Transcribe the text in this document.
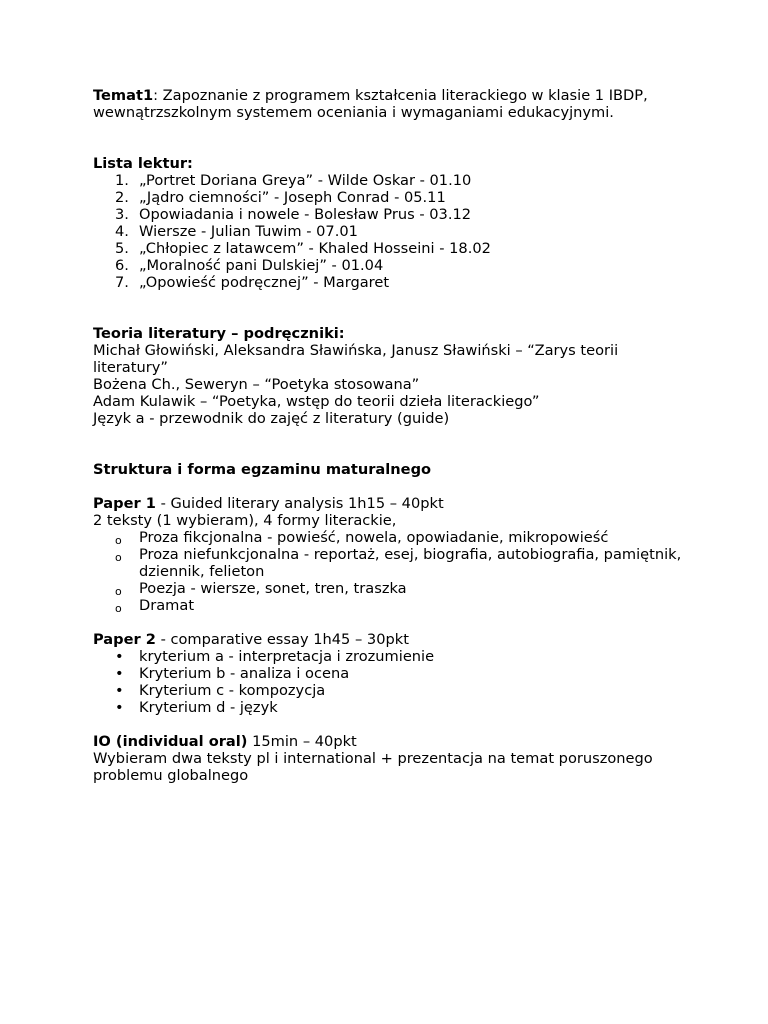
Temat1: Zapoznanie z programem kształcenia literackiego w klasie 1 IBDP, wewnątrzszkolnym systemem oceniania i wymaganiami edukacyjnymi.

Lista lektur:

1. „Portret Doriana Greya” - Wilde Oskar - 01.10
2. „Jądro ciemności” - Joseph Conrad - 05.11
3. Opowiadania i nowele - Bolesław Prus - 03.12
4. Wiersze - Julian Tuwim - 07.01
5. „Chłopiec z latawcem” - Khaled Hosseini - 18.02
6. „Moralność pani Dulskiej” - 01.04
7. „Opowieść podręcznej” - Margaret

Teoria literatury – podręczniki:

Michał Głowiński, Aleksandra Sławińska, Janusz Sławiński – “Zarys teorii literatury”

Bożena Ch., Seweryn – “Poetyka stosowana”

Adam Kulawik – “Poetyka, wstęp do teorii dzieła literackiego”

Język a - przewodnik do zajęć z literatury (guide)

Struktura i forma egzaminu maturalnego

Paper 1 - Guided literary analysis 1h15 – 40pkt

2 teksty (1 wybieram), 4 formy literackie,

o Proza fikcjonalna - powieść, nowela, opowiadanie, mikropowieść
o Proza niefunkcjonalna - reportaż, esej, biografia, autobiografia, pamiętnik, dziennik, felieton
o Poezja - wiersze, sonet, tren, traszka
o Dramat

Paper 2 - comparative essay 1h45 – 30pkt

• kryterium a - interpretacja i zrozumienie
• Kryterium b - analiza i ocena
• Kryterium c - kompozycja
• Kryterium d - język

IO (individual oral) 15min – 40pkt

Wybieram dwa teksty pl i international + prezentacja na temat poruszonego problemu globalnego
